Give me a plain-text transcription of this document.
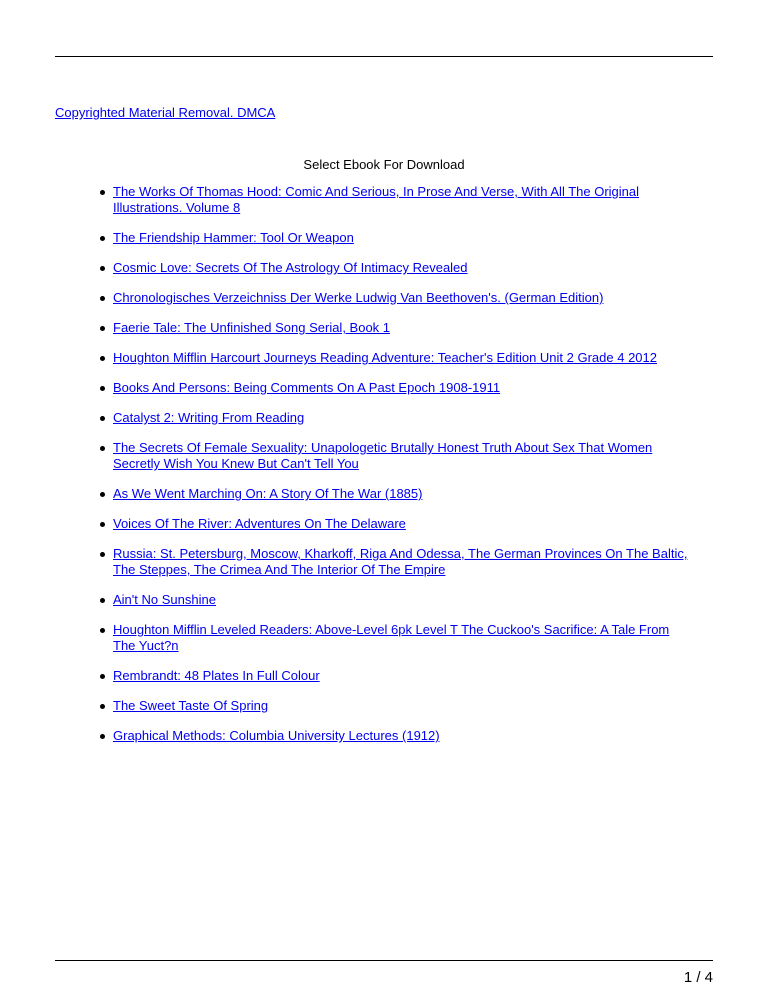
Copyrighted Material Removal. DMCA
Select Ebook For Download
The Works Of Thomas Hood: Comic And Serious, In Prose And Verse, With All The Original Illustrations. Volume 8
The Friendship Hammer: Tool Or Weapon
Cosmic Love: Secrets Of The Astrology Of Intimacy Revealed
Chronologisches Verzeichniss Der Werke Ludwig Van Beethoven's. (German Edition)
Faerie Tale: The Unfinished Song Serial, Book 1
Houghton Mifflin Harcourt Journeys Reading Adventure: Teacher's Edition Unit 2 Grade 4 2012
Books And Persons: Being Comments On A Past Epoch 1908-1911
Catalyst 2: Writing From Reading
The Secrets Of Female Sexuality: Unapologetic Brutally Honest Truth About Sex That Women Secretly Wish You Knew But Can't Tell You
As We Went Marching On: A Story Of The War (1885)
Voices Of The River: Adventures On The Delaware
Russia: St. Petersburg, Moscow, Kharkoff, Riga And Odessa, The German Provinces On The Baltic, The Steppes, The Crimea And The Interior Of The Empire
Ain't No Sunshine
Houghton Mifflin Leveled Readers: Above-Level 6pk Level T The Cuckoo's Sacrifice: A Tale From The Yuct?n
Rembrandt: 48 Plates In Full Colour
The Sweet Taste Of Spring
Graphical Methods: Columbia University Lectures (1912)
1 / 4
